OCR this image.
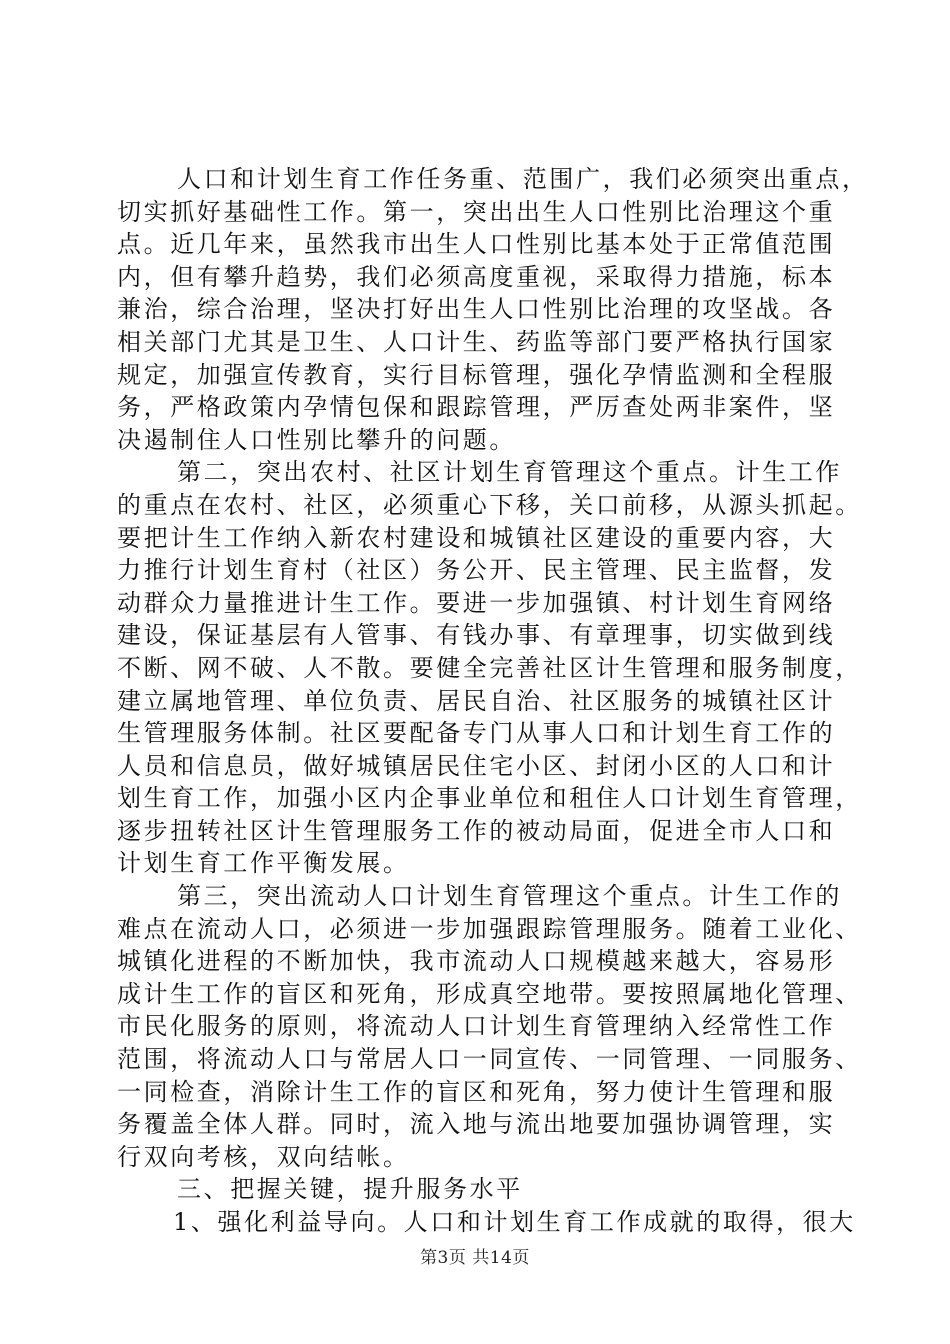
人口和计划生育工作任务重、范围广，我们必须突出重点，
切实抓好基础性工作。第一，突出出生人口性别比治理这个重
点。近几年来，虽然我市出生人口性别比基本处于正常值范围
内，但有攀升趋势，我们必须高度重视，采取得力措施，标本
兼治，综合治理，坚决打好出生人口性别比治理的攻坚战。各
相关部门尤其是卫生、人口计生、药监等部门要严格执行国家
规定，加强宣传教育，实行目标管理，强化孕情监测和全程服
务，严格政策内孕情包保和跟踪管理，严厉查处两非案件，坚
决遏制住人口性别比攀升的问题。
第二，突出农村、社区计划生育管理这个重点。计生工作
的重点在农村、社区，必须重心下移，关口前移，从源头抓起。
要把计生工作纳入新农村建设和城镇社区建设的重要内容，大
力推行计划生育村（社区）务公开、民主管理、民主监督，发
动群众力量推进计生工作。要进一步加强镇、村计划生育网络
建设，保证基层有人管事、有钱办事、有章理事，切实做到线
不断、网不破、人不散。要健全完善社区计生管理和服务制度，
建立属地管理、单位负责、居民自治、社区服务的城镇社区计
生管理服务体制。社区要配备专门从事人口和计划生育工作的
人员和信息员，做好城镇居民住宅小区、封闭小区的人口和计
划生育工作，加强小区内企事业单位和租住人口计划生育管理，
逐步扭转社区计生管理服务工作的被动局面，促进全市人口和
计划生育工作平衡发展。
第三，突出流动人口计划生育管理这个重点。计生工作的
难点在流动人口，必须进一步加强跟踪管理服务。随着工业化、
城镇化进程的不断加快，我市流动人口规模越来越大，容易形
成计生工作的盲区和死角，形成真空地带。要按照属地化管理、
市民化服务的原则，将流动人口计划生育管理纳入经常性工作
范围，将流动人口与常居人口一同宣传、一同管理、一同服务、
一同检查，消除计生工作的盲区和死角，努力使计生管理和服
务覆盖全体人群。同时，流入地与流出地要加强协调管理，实
行双向考核，双向结帐。
三、把握关键，提升服务水平
1、强化利益导向。人口和计划生育工作成就的取得，很大
第3页 共14页
